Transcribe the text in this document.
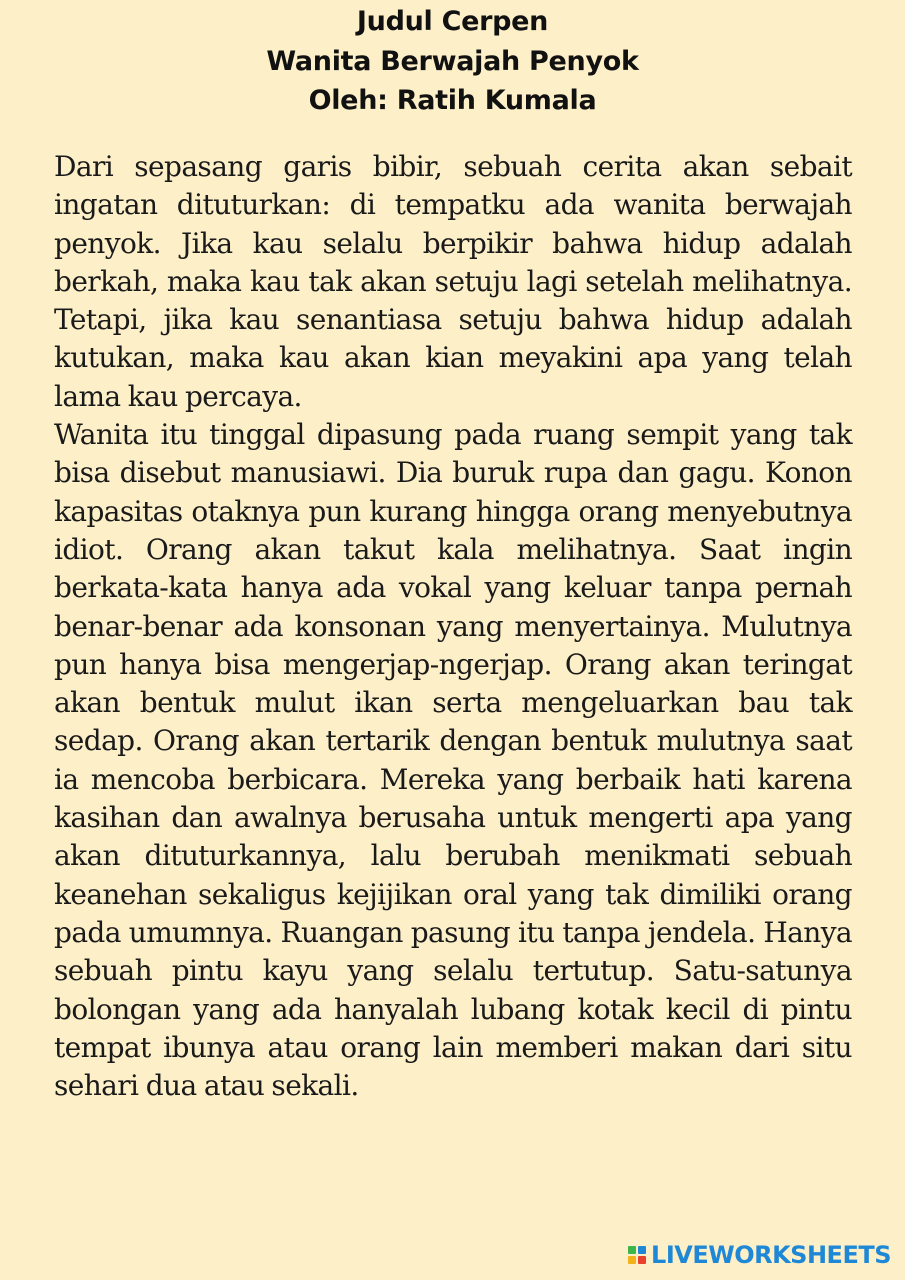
Judul Cerpen
Wanita Berwajah Penyok
Oleh: Ratih Kumala

Dari sepasang garis bibir, sebuah cerita akan sebait ingatan dituturkan: di tempatku ada wanita berwajah penyok. Jika kau selalu berpikir bahwa hidup adalah berkah, maka kau tak akan setuju lagi setelah melihatnya. Tetapi, jika kau senantiasa setuju bahwa hidup adalah kutukan, maka kau akan kian meyakini apa yang telah lama kau percaya.

Wanita itu tinggal dipasung pada ruang sempit yang tak bisa disebut manusiawi. Dia buruk rupa dan gagu. Konon kapasitas otaknya pun kurang hingga orang menyebutnya idiot. Orang akan takut kala melihatnya. Saat ingin berkata-kata hanya ada vokal yang keluar tanpa pernah benar-benar ada konsonan yang menyertainya. Mulutnya pun hanya bisa mengerjap-ngerjap. Orang akan teringat akan bentuk mulut ikan serta mengeluarkan bau tak sedap. Orang akan tertarik dengan bentuk mulutnya saat ia mencoba berbicara. Mereka yang berbaik hati karena kasihan dan awalnya berusaha untuk mengerti apa yang akan dituturkannya, lalu berubah menikmati sebuah keanehan sekaligus kejijikan oral yang tak dimiliki orang pada umumnya. Ruangan pasung itu tanpa jendela. Hanya sebuah pintu kayu yang selalu tertutup. Satu-satunya bolongan yang ada hanyalah lubang kotak kecil di pintu tempat ibunya atau orang lain memberi makan dari situ sehari dua atau sekali.

LIVEWORKSHEETS
